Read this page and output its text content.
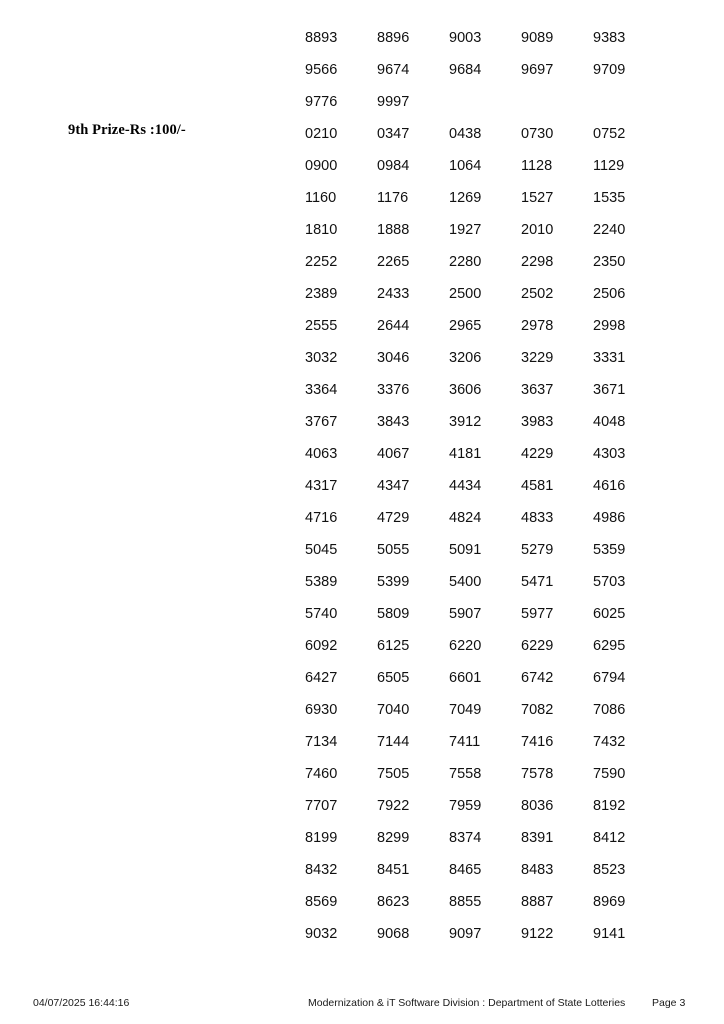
9th Prize-Rs :100/-
8893	8896	9003	9089	9383
9566	9674	9684	9697	9709
9776	9997
0210	0347	0438	0730	0752
0900	0984	1064	1128	1129
1160	1176	1269	1527	1535
1810	1888	1927	2010	2240
2252	2265	2280	2298	2350
2389	2433	2500	2502	2506
2555	2644	2965	2978	2998
3032	3046	3206	3229	3331
3364	3376	3606	3637	3671
3767	3843	3912	3983	4048
4063	4067	4181	4229	4303
4317	4347	4434	4581	4616
4716	4729	4824	4833	4986
5045	5055	5091	5279	5359
5389	5399	5400	5471	5703
5740	5809	5907	5977	6025
6092	6125	6220	6229	6295
6427	6505	6601	6742	6794
6930	7040	7049	7082	7086
7134	7144	7411	7416	7432
7460	7505	7558	7578	7590
7707	7922	7959	8036	8192
8199	8299	8374	8391	8412
8432	8451	8465	8483	8523
8569	8623	8855	8887	8969
9032	9068	9097	9122	9141
04/07/2025 16:44:16	Modernization & iT Software Division : Department of State Lotteries	Page 3
